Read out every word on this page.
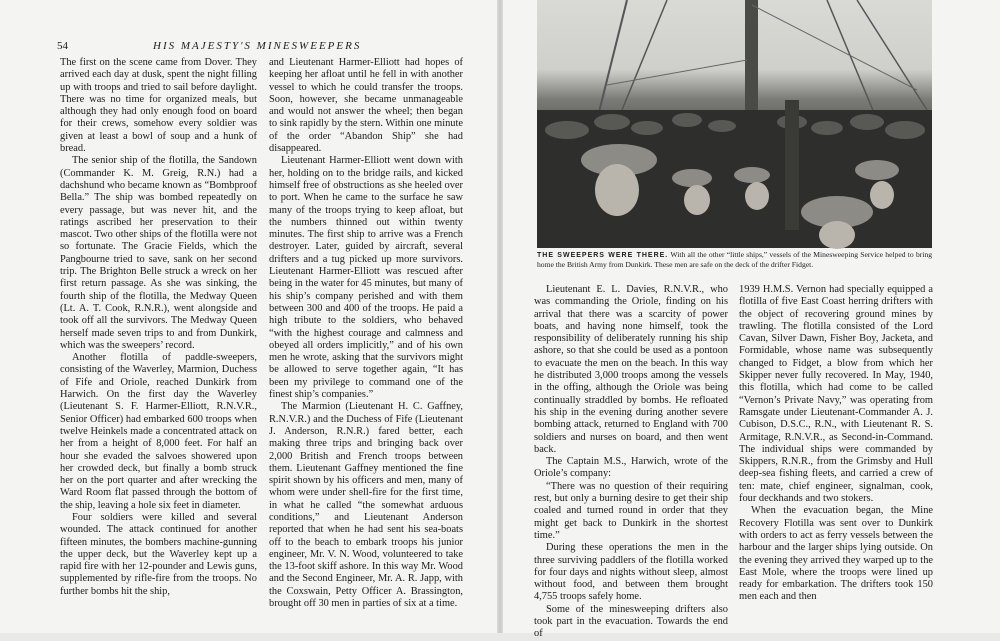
54	HIS MAJESTY'S MINESWEEPERS

The first on the scene came from Dover. They arrived each day at dusk, spent the night filling up with troops and tried to sail before daylight. There was no time for organized meals, but although they had only enough food on board for their crews, somehow every soldier was given at least a bowl of soup and a hunk of bread.

The senior ship of the flotilla, the Sandown (Commander K. M. Greig, R.N.) had a dachshund who became known as “Bombproof Bella.” The ship was bombed repeatedly on every passage, but was never hit, and the ratings ascribed her preservation to their mascot. Two other ships of the flotilla were not so fortunate. The Gracie Fields, which the Pangbourne tried to save, sank on her second trip. The Brighton Belle struck a wreck on her first return passage. As she was sinking, the fourth ship of the flotilla, the Medway Queen (Lt. A. T. Cook, R.N.R.), went alongside and took off all the survivors. The Medway Queen herself made seven trips to and from Dunkirk, which was the sweepers’ record.

Another flotilla of paddle-sweepers, consisting of the Waverley, Marmion, Duchess of Fife and Oriole, reached Dunkirk from Harwich. On the first day the Waverley (Lieutenant S. F. Harmer-Elliott, R.N.V.R., Senior Officer) had embarked 600 troops when twelve Heinkels made a concentrated attack on her from a height of 8,000 feet. For half an hour she evaded the salvoes showered upon her crowded deck, but finally a bomb struck her on the port quarter and after wrecking the Ward Room flat passed through the bottom of the ship, leaving a hole six feet in diameter.

Four soldiers were killed and several wounded. The attack continued for another fifteen minutes, the bombers machine-gunning the upper deck, but the Waverley kept up a rapid fire with her 12-pounder and Lewis guns, supplemented by rifle-fire from the troops. No further bombs hit the ship,

and Lieutenant Harmer-Elliott had hopes of keeping her afloat until he fell in with another vessel to which he could transfer the troops. Soon, however, she became unmanageable and would not answer the wheel; then began to sink rapidly by the stern. Within one minute of the order “Abandon Ship” she had disappeared.

Lieutenant Harmer-Elliott went down with her, holding on to the bridge rails, and kicked himself free of obstructions as she heeled over to port. When he came to the surface he saw many of the troops trying to keep afloat, but the numbers thinned out within twenty minutes. The first ship to arrive was a French destroyer. Later, guided by aircraft, several drifters and a tug picked up more survivors. Lieutenant Harmer-Elliott was rescued after being in the water for 45 minutes, but many of his ship’s company perished and with them between 300 and 400 of the troops. He paid a high tribute to the soldiers, who behaved “with the highest courage and calmness and obeyed all orders implicitly,” and of his own men he wrote, asking that the survivors might be allowed to serve together again, “It has been my privilege to command one of the finest ship’s companies.”

The Marmion (Lieutenant H. C. Gaffney, R.N.V.R.) and the Duchess of Fife (Lieutenant J. Anderson, R.N.R.) fared better, each making three trips and bringing back over 2,000 British and French troops between them. Lieutenant Gaffney mentioned the fine spirit shown by his officers and men, many of whom were under shell-fire for the first time, in what he called “the somewhat arduous conditions,” and Lieutenant Anderson reported that when he had sent his sea-boats off to the beach to embark troops his junior engineer, Mr. V. N. Wood, volunteered to take the 13-foot skiff ashore. In this way Mr. Wood and the Second Engineer, Mr. A. R. Japp, with the Coxswain, Petty Officer A. Brassington, brought off 30 men in parties of six at a time.

THE SWEEPERS WERE THERE. With all the other “little ships,” vessels of the Minesweeping Service helped to bring home the British Army from Dunkirk. These men are safe on the deck of the drifter Fidget.

Lieutenant E. L. Davies, R.N.V.R., who was commanding the Oriole, finding on his arrival that there was a scarcity of power boats, and having none himself, took the responsibility of deliberately running his ship ashore, so that she could be used as a pontoon to evacuate the men on the beach. In this way he distributed 3,000 troops among the vessels in the offing, although the Oriole was being continually straddled by bombs. He refloated his ship in the evening during another severe bombing attack, returned to England with 700 soldiers and nurses on board, and then went back.

The Captain M.S., Harwich, wrote of the Oriole’s company:

“There was no question of their requiring rest, but only a burning desire to get their ship coaled and turned round in order that they might get back to Dunkirk in the shortest time.”

During these operations the men in the three surviving paddlers of the flotilla worked for four days and nights without sleep, almost without food, and between them brought 4,755 troops safely home.

Some of the minesweeping drifters also took part in the evacuation. Towards the end of

1939 H.M.S. Vernon had specially equipped a flotilla of five East Coast herring drifters with the object of recovering ground mines by trawling. The flotilla consisted of the Lord Cavan, Silver Dawn, Fisher Boy, Jacketa, and Formidable, whose name was subsequently changed to Fidget, a blow from which her Skipper never fully recovered. In May, 1940, this flotilla, which had come to be called “Vernon’s Private Navy,” was operating from Ramsgate under Lieutenant-Commander A. J. Cubison, D.S.C., R.N., with Lieutenant R. S. Armitage, R.N.V.R., as Second-in-Command. The individual ships were commanded by Skippers, R.N.R., from the Grimsby and Hull deep-sea fishing fleets, and carried a crew of ten: mate, chief engineer, signalman, cook, four deckhands and two stokers.

When the evacuation began, the Mine Recovery Flotilla was sent over to Dunkirk with orders to act as ferry vessels between the harbour and the larger ships lying outside. On the evening they arrived they warped up to the East Mole, where the troops were lined up ready for embarkation. The drifters took 150 men each and then
